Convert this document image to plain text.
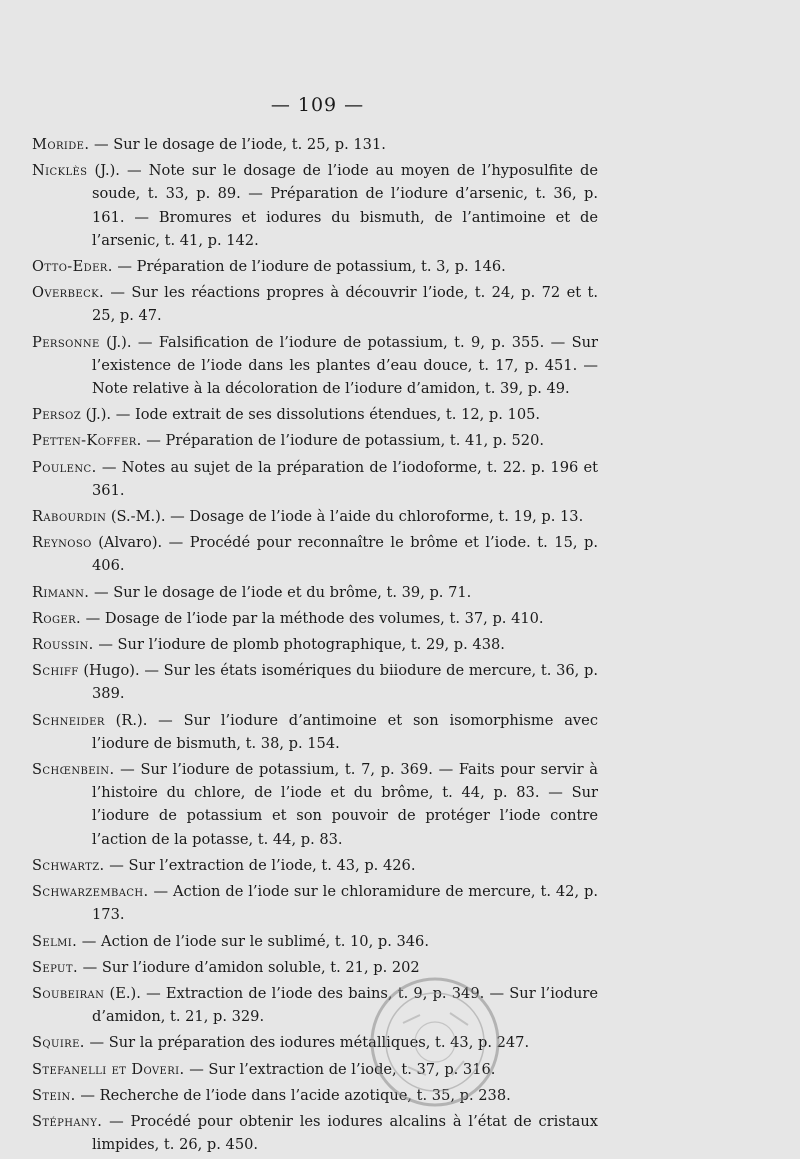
— 109 —

Moride. — Sur le dosage de l’iode, t. 25, p. 131.

Nicklès (J.). — Note sur le dosage de l’iode au moyen de l’hyposulfite de soude, t. 33, p. 89. — Préparation de l’iodure d’arsenic, t. 36, p. 161. — Bromures et iodures du bismuth, de l’antimoine et de l’arsenic, t. 41, p. 142.

Otto-Eder. — Préparation de l’iodure de potassium, t. 3, p. 146.

Overbeck. — Sur les réactions propres à découvrir l’iode, t. 24, p. 72 et t. 25, p. 47.

Personne (J.). — Falsification de l’iodure de potassium, t. 9, p. 355. — Sur l’existence de l’iode dans les plantes d’eau douce, t. 17, p. 451. — Note relative à la décoloration de l’iodure d’amidon, t. 39, p. 49.

Persoz (J.). — Iode extrait de ses dissolutions étendues, t. 12, p. 105.

Petten-Koffer. — Préparation de l’iodure de potassium, t. 41, p. 520.

Poulenc. — Notes au sujet de la préparation de l’iodoforme, t. 22. p. 196 et 361.

Rabourdin (S.-M.). — Dosage de l’iode à l’aide du chloroforme, t. 19, p. 13.

Reynoso (Alvaro). — Procédé pour reconnaître le brôme et l’iode. t. 15, p. 406.

Rimann. — Sur le dosage de l’iode et du brôme, t. 39, p. 71.

Roger. — Dosage de l’iode par la méthode des volumes, t. 37, p. 410.

Roussin. — Sur l’iodure de plomb photographique, t. 29, p. 438.

Schiff (Hugo). — Sur les états isomériques du biiodure de mercure, t. 36, p. 389.

Schneider (R.). — Sur l’iodure d’antimoine et son isomorphisme avec l’iodure de bismuth, t. 38, p. 154.

Schœnbein. — Sur l’iodure de potassium, t. 7, p. 369. — Faits pour servir à l’histoire du chlore, de l’iode et du brôme, t. 44, p. 83. — Sur l’iodure de potassium et son pouvoir de protéger l’iode contre l’action de la potasse, t. 44, p. 83.

Schwartz. — Sur l’extraction de l’iode, t. 43, p. 426.

Schwarzembach. — Action de l’iode sur le chloramidure de mercure, t. 42, p. 173.

Selmi. — Action de l’iode sur le sublimé, t. 10, p. 346.

Seput. — Sur l’iodure d’amidon soluble, t. 21, p. 202

Soubeiran (E.). — Extraction de l’iode des bains, t. 9, p. 349. — Sur l’iodure d’amidon, t. 21, p. 329.

Squire. — Sur la préparation des iodures métalliques, t. 43, p. 247.

Stefanelli et Doveri. — Sur l’extraction de l’iode, t. 37, p. 316.

Stein. — Recherche de l’iode dans l’acide azotique, t. 35, p. 238.

Stéphany. — Procédé pour obtenir les iodures alcalins à l’état de cristaux limpides, t. 26, p. 450.
